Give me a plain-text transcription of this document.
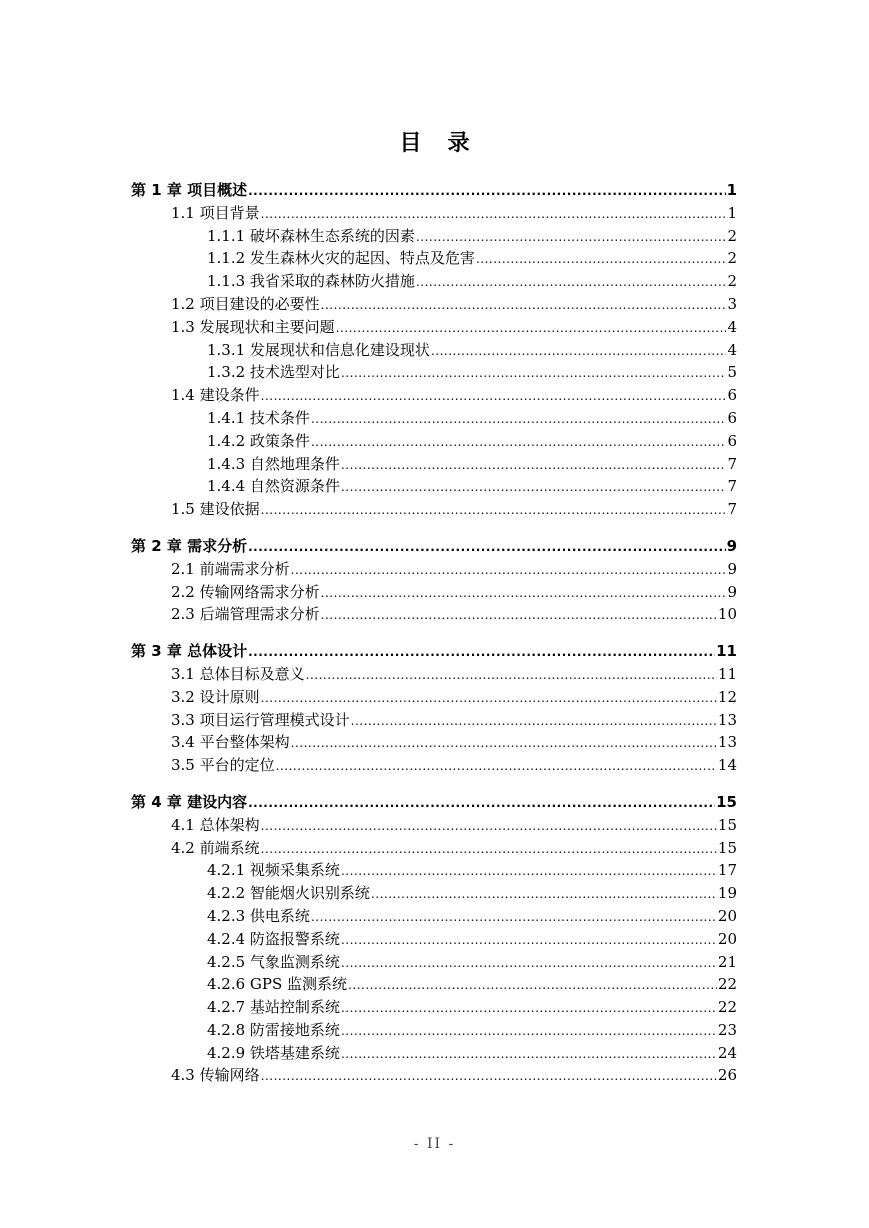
目 录
第 1 章 项目概述 .....	1
1.1 项目背景 .....	1
1.1.1 破坏森林生态系统的因素 .....	2
1.1.2 发生森林火灾的起因、特点及危害 .....	2
1.1.3 我省采取的森林防火措施 .....	2
1.2 项目建设的必要性 .....	3
1.3 发展现状和主要问题 .....	4
1.3.1 发展现状和信息化建设现状 .....	4
1.3.2 技术选型对比 .....	5
1.4 建设条件 .....	6
1.4.1 技术条件 .....	6
1.4.2 政策条件 .....	6
1.4.3 自然地理条件 .....	7
1.4.4 自然资源条件 .....	7
1.5 建设依据 .....	7
第 2 章 需求分析 .....	9
2.1 前端需求分析 .....	9
2.2 传输网络需求分析 .....	9
2.3 后端管理需求分析 .....	10
第 3 章 总体设计 .....	11
3.1 总体目标及意义 .....	11
3.2 设计原则 .....	12
3.3 项目运行管理模式设计 .....	13
3.4 平台整体架构 .....	13
3.5 平台的定位 .....	14
第 4 章 建设内容 .....	15
4.1 总体架构 .....	15
4.2 前端系统 .....	15
4.2.1 视频采集系统 .....	17
4.2.2 智能烟火识别系统 .....	19
4.2.3 供电系统 .....	20
4.2.4 防盗报警系统 .....	20
4.2.5 气象监测系统 .....	21
4.2.6 GPS 监测系统 .....	22
4.2.7 基站控制系统 .....	22
4.2.8 防雷接地系统 .....	23
4.2.9 铁塔基建系统 .....	24
4.3 传输网络 .....	26
- II -
